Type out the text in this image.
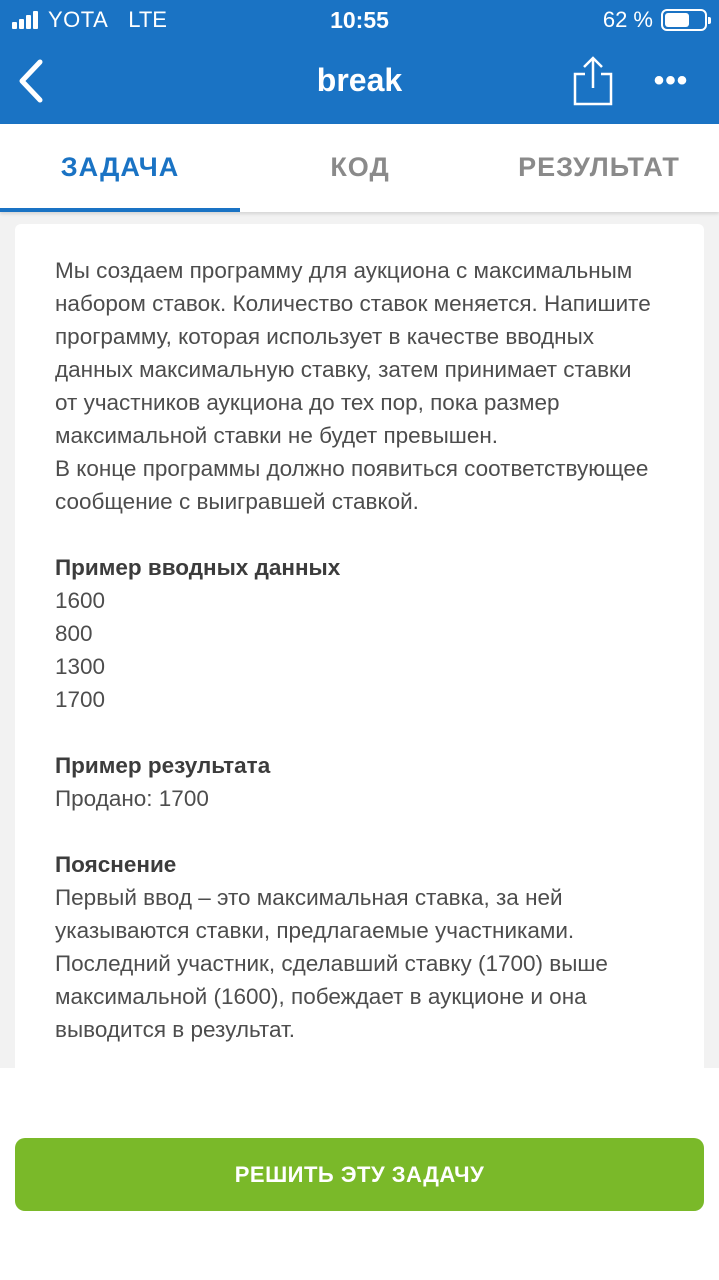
YOTA LTE	10:55	62 %
break	•••
ЗАДАЧА	КОД	РЕЗУЛЬТАТ

Мы создаем программу для аукциона с максимальным

набором ставок. Количество ставок меняется. Напишите

программу, которая использует в качестве вводных

данных максимальную ставку, затем принимает ставки

от участников аукциона до тех пор, пока размер

максимальной ставки не будет превышен.

В конце программы должно появиться соответствующее

сообщение с выигравшей ставкой.

Пример вводных данных

1600

800

1300

1700

Пример результата

Продано: 1700

Пояснение

Первый ввод – это максимальная ставка, за ней

указываются ставки, предлагаемые участниками.

Последний участник, сделавший ставку (1700) выше

максимальной (1600), побеждает в аукционе и она

выводится в результат.

РЕШИТЬ ЭТУ ЗАДАЧУ
